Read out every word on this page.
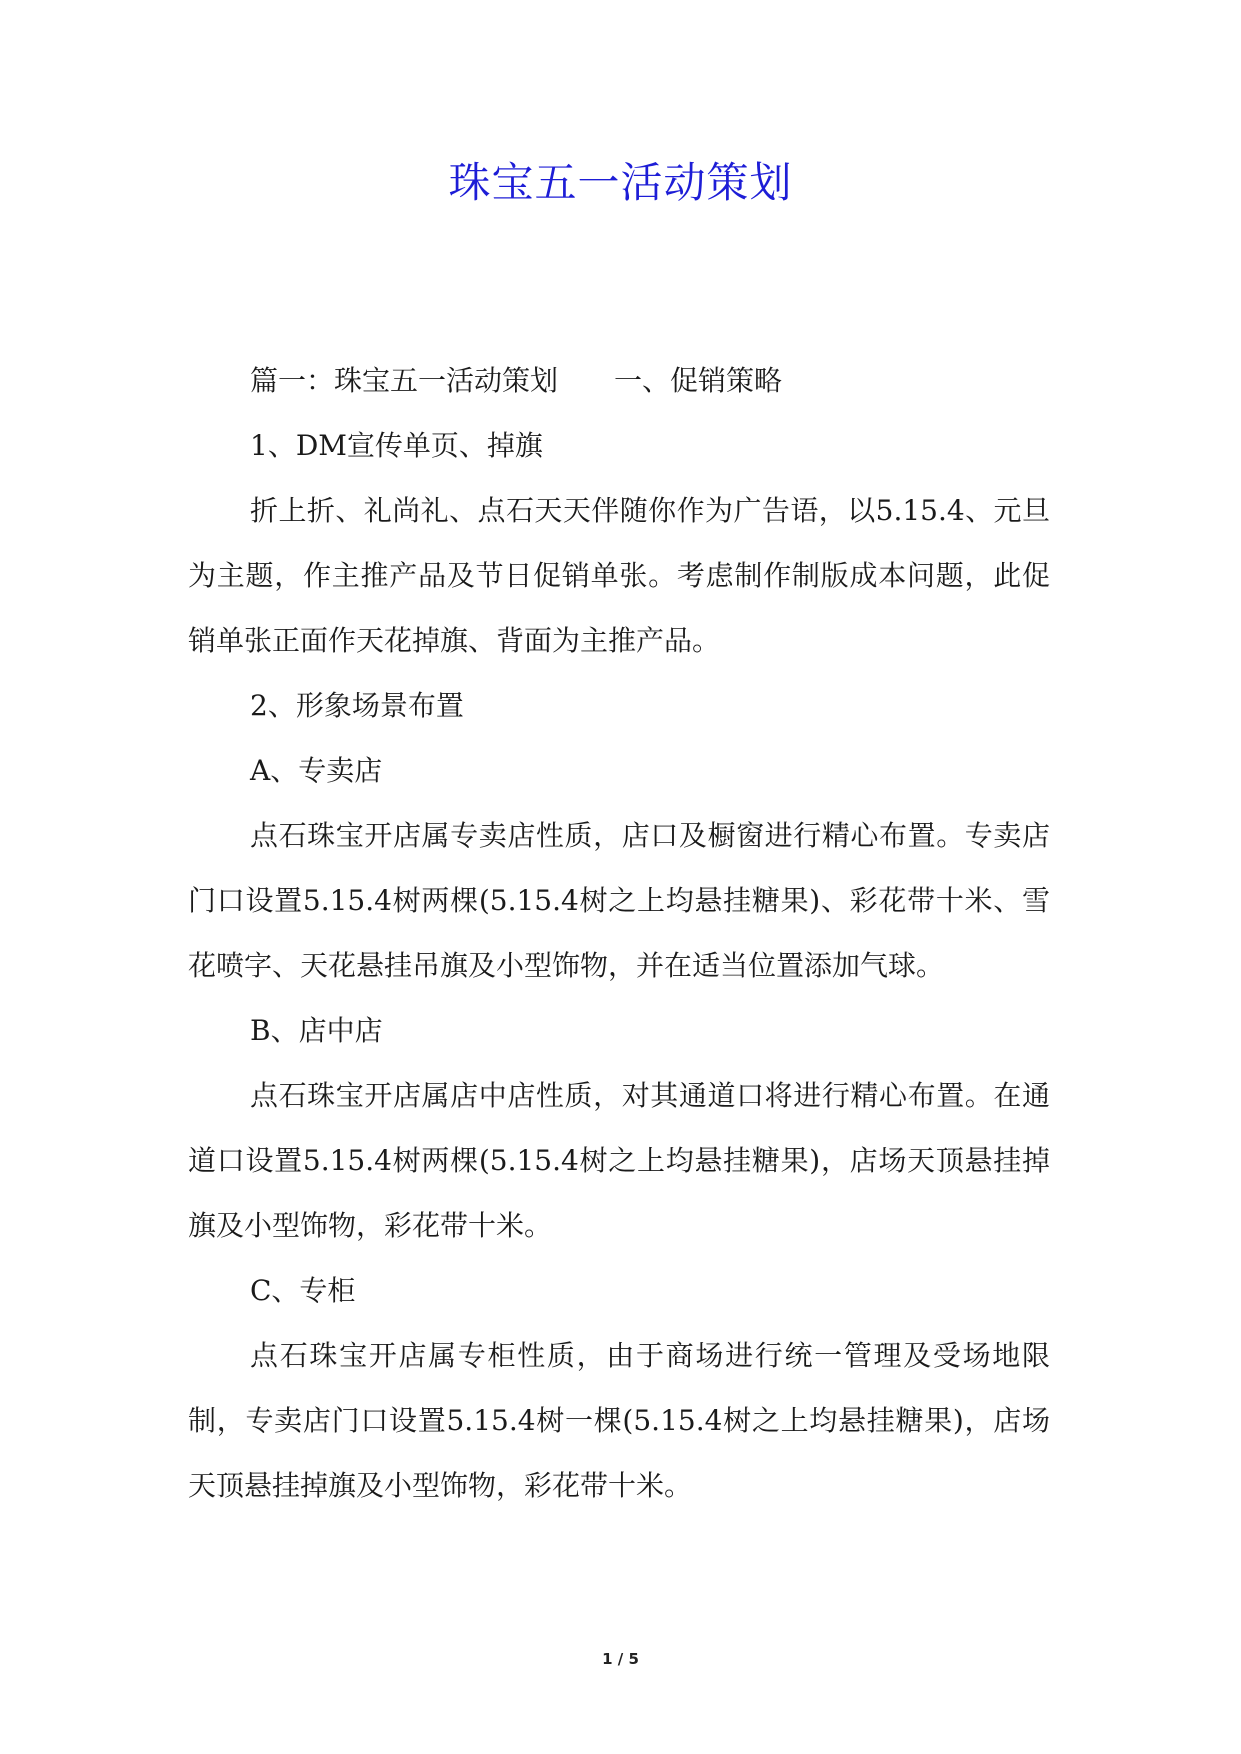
珠宝五一活动策划

篇一：珠宝五一活动策划　　一、促销策略

1、DM宣传单页、掉旗

折上折、礼尚礼、点石天天伴随你作为广告语，以5.15.4、元旦为主题，作主推产品及节日促销单张。考虑制作制版成本问题，此促销单张正面作天花掉旗、背面为主推产品。

2、形象场景布置

A、专卖店

点石珠宝开店属专卖店性质，店口及橱窗进行精心布置。专卖店门口设置5.15.4树两棵(5.15.4树之上均悬挂糖果)、彩花带十米、雪花喷字、天花悬挂吊旗及小型饰物，并在适当位置添加气球。

B、店中店

点石珠宝开店属店中店性质，对其通道口将进行精心布置。在通道口设置5.15.4树两棵(5.15.4树之上均悬挂糖果)，店场天顶悬挂掉旗及小型饰物，彩花带十米。

C、专柜

点石珠宝开店属专柜性质，由于商场进行统一管理及受场地限制，专卖店门口设置5.15.4树一棵(5.15.4树之上均悬挂糖果)，店场天顶悬挂掉旗及小型饰物，彩花带十米。

1 / 5
